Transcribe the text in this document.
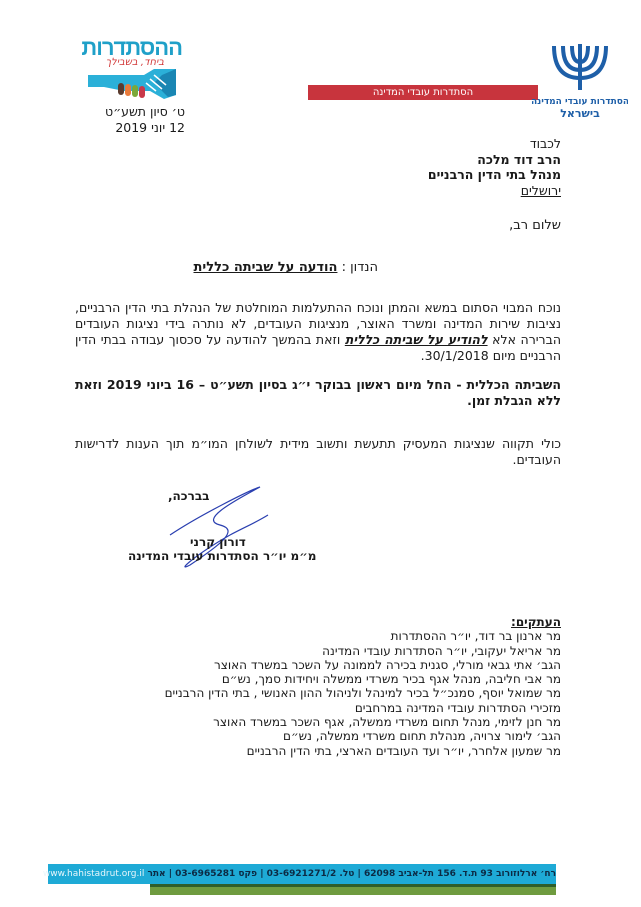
ההסתדרות
ביחד, בשבילך
ט׳ סיון תשע״ט
12 יוני 2019
הסתדרות עובדי המדינה
הסתדרות עובדי המדינה
בישראל
לכבוד
הרב דוד מלכה
מנהל בתי הדין הרבניים
ירושלים
שלום רב,
הנדון : הודעה על שביתה כללית
נוכח המבוי הסתום במשא והמתן ונוכח ההתעלמות המוחלטת של הנהלת בתי הדין הרבניים, נציבות שירות המדינה ומשרד האוצר, מנציגות העובדים, לא נותרה בידי נציגות העובדים הברירה אלא להודיע על שביתה כללית וזאת בהמשך להודעה על סכסוך עבודה בבתי הדין הרבניים מיום 30/1/2018.
השביתה הכללית - החל מיום ראשון בבוקר י״ג בסיון תשע״ט – 16 ביוני 2019 וזאת ללא הגבלת זמן.
כולי תקווה שנציגות המעסיק תתעשת ותשוב מידית לשולחן המו״מ תוך הענות לדרישות העובדים.
בברכה,
דורון קרני
מ״מ יו״ר הסתדרות עובדי המדינה
העתקים:
מר ארנון בר דוד, יו״ר ההסתדרות
מר אריאל יעקובי, יו״ר הסתדרות עובדי המדינה
הגב׳ אתי גבאי מורלי, סגנית בכירה לממונה על השכר במשרד האוצר
מר אבי חליבה, מנהל אגף בכיר משרדי ממשלה ויחידות סמך, נש״ם
מר שמואל יוסף, סמנכ״ל בכיר למינהל ולניהול ההון האנושי , בתי הדין הרבניים
מזכירי הסתדרות עובדי המדינה במרחבים
מר חנן לזימי, מנהל תחום משרדי ממשלה, אגף השכר במשרד האוצר
הגב׳ לימור צרויה, מנהלת תחום משרדי ממשלה, נש״ם
מר שמעון אלחרר, יו״ר ועד העובדים הארצי, בתי הדין הרבניים
רח׳ ארלוזורוב 93 ת.ד. 156 תל-אביב 62098 | טל. 03-6921271/2 | פקס 03-6965281 | אתר www.hahistadrut.org.il
